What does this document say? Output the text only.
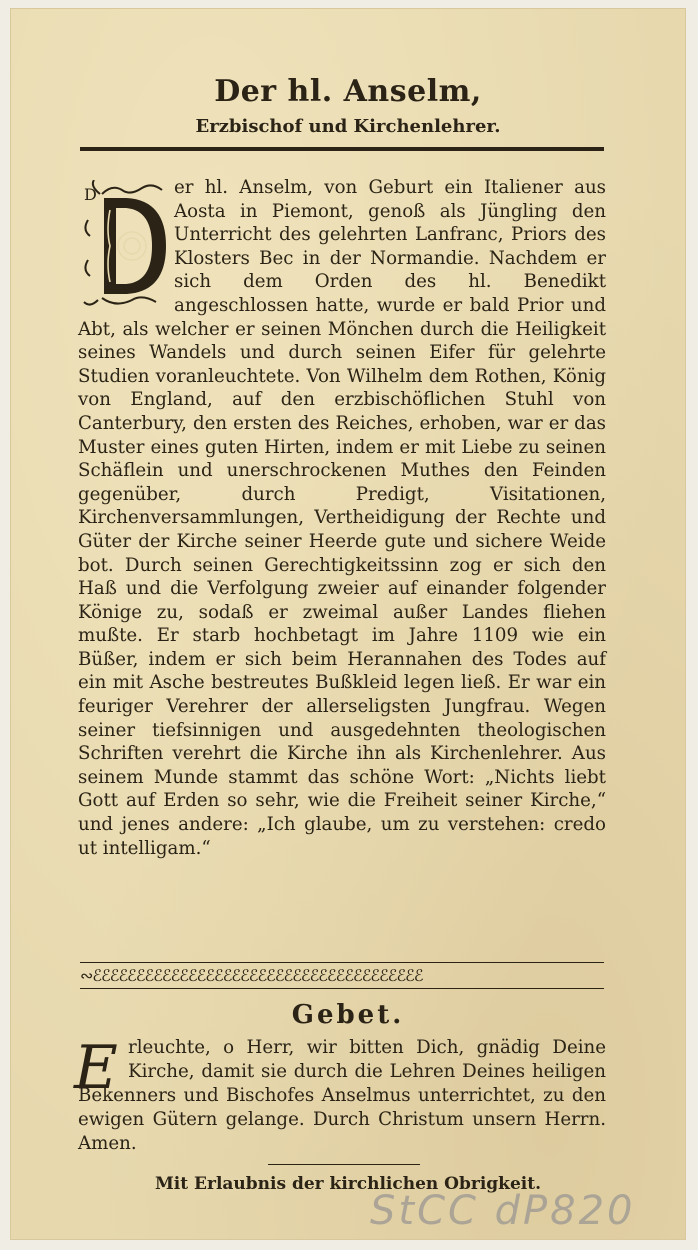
Der hl. Anselm,
Erzbischof und Kirchenlehrer.
D	er hl. Anselm, von Geburt ein Italiener aus Aosta in Piemont, genoß als Jüngling den Unterricht des gelehrten Lanfranc, Priors des Klosters Bec in der Normandie. Nachdem er sich dem Orden des hl. Benedikt angeschlossen hatte, wurde er bald Prior und Abt, als welcher er seinen Mönchen durch die Heiligkeit seines Wandels und durch seinen Eifer für gelehrte Studien voranleuchtete. Von Wilhelm dem Rothen, König von England, auf den erzbischöflichen Stuhl von Canterbury, den ersten des Reiches, erhoben, war er das Muster eines guten Hirten, indem er mit Liebe zu seinen Schäflein und unerschrockenen Muthes den Feinden gegenüber, durch Predigt, Visitationen, Kirchenversammlungen, Vertheidigung der Rechte und Güter der Kirche seiner Heerde gute und sichere Weide bot. Durch seinen Gerechtigkeitssinn zog er sich den Haß und die Verfolgung zweier auf einander folgender Könige zu, sodaß er zweimal außer Landes fliehen mußte. Er starb hochbetagt im Jahre 1109 wie ein Büßer, indem er sich beim Herannahen des Todes auf ein mit Asche bestreutes Bußkleid legen ließ. Er war ein feuriger Verehrer der allerseligsten Jungfrau. Wegen seiner tiefsinnigen und ausgedehnten theologischen Schriften verehrt die Kirche ihn als Kirchenlehrer. Aus seinem Munde stammt das schöne Wort: „Nichts liebt Gott auf Erden so sehr, wie die Freiheit seiner Kirche,“ und jenes andere: „Ich glaube, um zu verstehen: credo ut intelligam.“
∾ℰℰℰℰℰℰℰℰℰℰℰℰℰℰℰℰℰℰℰℰℰℰℰℰℰℰℰℰℰℰℰℰℰℰℰℰℰℰ
Gebet.
E rleuchte, o Herr, wir bitten Dich, gnädig Deine Kirche, damit sie durch die Lehren Deines heiligen Bekenners und Bischofes Anselmus unterrichtet, zu den ewigen Gütern gelange. Durch Christum unsern Herrn. Amen.
Mit Erlaubnis der kirchlichen Obrigkeit.
StCC dP820
